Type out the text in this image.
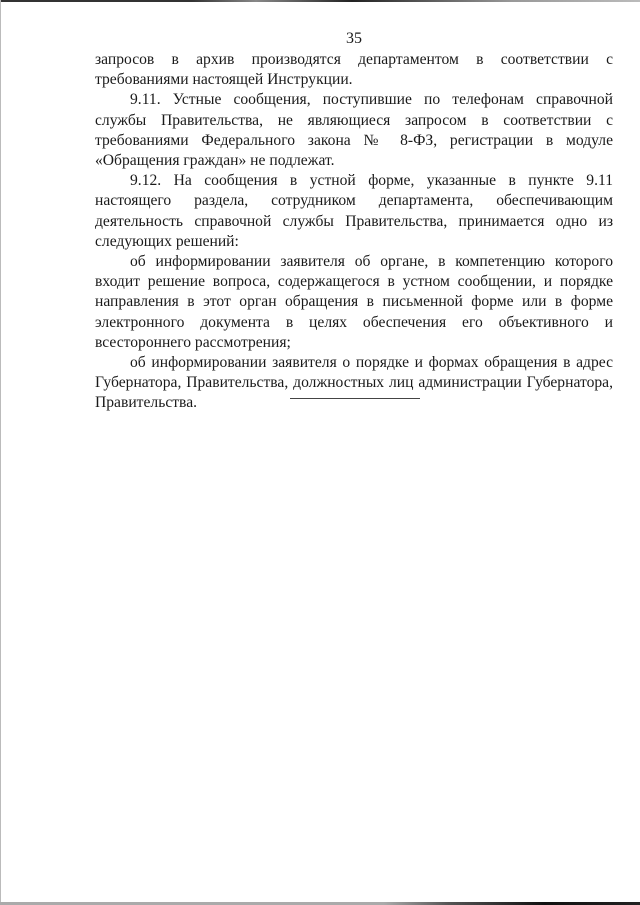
35

запросов в архив производятся департаментом в соответствии с требованиями настоящей Инструкции.

9.11. Устные сообщения, поступившие по телефонам справочной службы Правительства, не являющиеся запросом в соответствии с требованиями Федерального закона № 8-ФЗ, регистрации в модуле «Обращения граждан» не подлежат.

9.12. На сообщения в устной форме, указанные в пункте 9.11 настоящего раздела, сотрудником департамента, обеспечивающим деятельность справочной службы Правительства, принимается одно из следующих решений:

об информировании заявителя об органе, в компетенцию которого входит решение вопроса, содержащегося в устном сообщении, и порядке направления в этот орган обращения в письменной форме или в форме электронного документа в целях обеспечения его объективного и всестороннего рассмотрения;

об информировании заявителя о порядке и формах обращения в адрес Губернатора, Правительства, должностных лиц администрации Губернатора, Правительства.
